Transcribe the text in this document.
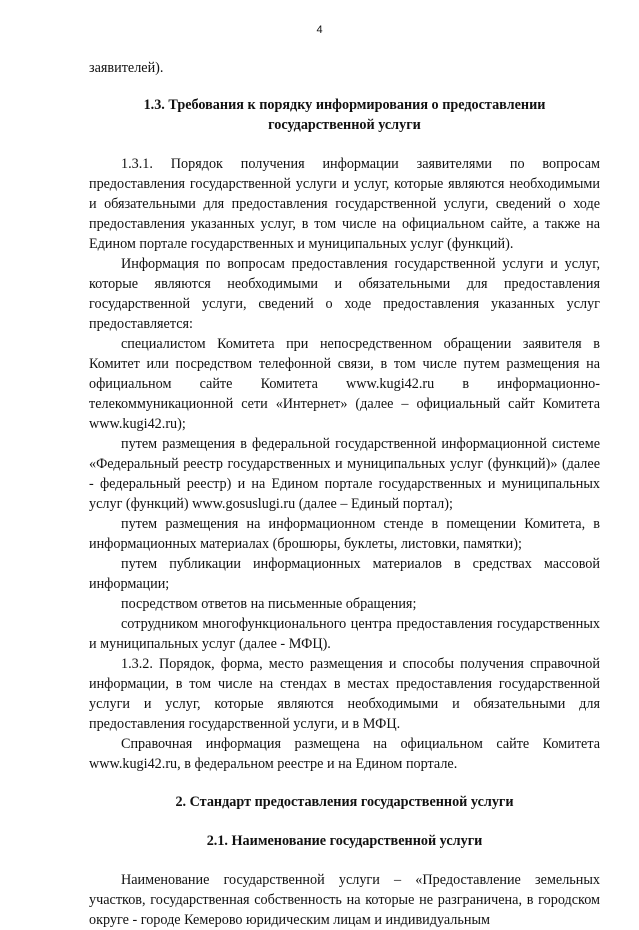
4

заявителей).

1.3. Требования к порядку информирования о предоставлении государственной услуги

1.3.1. Порядок получения информации заявителями по вопросам предоставления государственной услуги и услуг, которые являются необходимыми и обязательными для предоставления государственной услуги, сведений о ходе предоставления указанных услуг, в том числе на официальном сайте, а также на Едином портале государственных и муниципальных услуг (функций).

Информация по вопросам предоставления государственной услуги и услуг, которые являются необходимыми и обязательными для предоставления государственной услуги, сведений о ходе предоставления указанных услуг предоставляется:

специалистом Комитета при непосредственном обращении заявителя в Комитет или посредством телефонной связи, в том числе путем размещения на официальном сайте Комитета www.kugi42.ru в информационно-телекоммуникационной сети «Интернет» (далее – официальный сайт Комитета www.kugi42.ru);

путем размещения в федеральной государственной информационной системе «Федеральный реестр государственных и муниципальных услуг (функций)» (далее - федеральный реестр) и на Едином портале государственных и муниципальных услуг (функций) www.gosuslugi.ru (далее – Единый портал);

путем размещения на информационном стенде в помещении Комитета, в информационных материалах (брошюры, буклеты, листовки, памятки);

путем публикации информационных материалов в средствах массовой информации;

посредством ответов на письменные обращения;

сотрудником многофункционального центра предоставления государственных и муниципальных услуг (далее - МФЦ).

1.3.2. Порядок, форма, место размещения и способы получения справочной информации, в том числе на стендах в местах предоставления государственной услуги и услуг, которые являются необходимыми и обязательными для предоставления государственной услуги, и в МФЦ.

Справочная информация размещена на официальном сайте Комитета www.kugi42.ru, в федеральном реестре и на Едином портале.

2. Стандарт предоставления государственной услуги

2.1. Наименование государственной услуги

Наименование государственной услуги – «Предоставление земельных участков, государственная собственность на которые не разграничена, в городском округе - городе Кемерово юридическим лицам и индивидуальным
